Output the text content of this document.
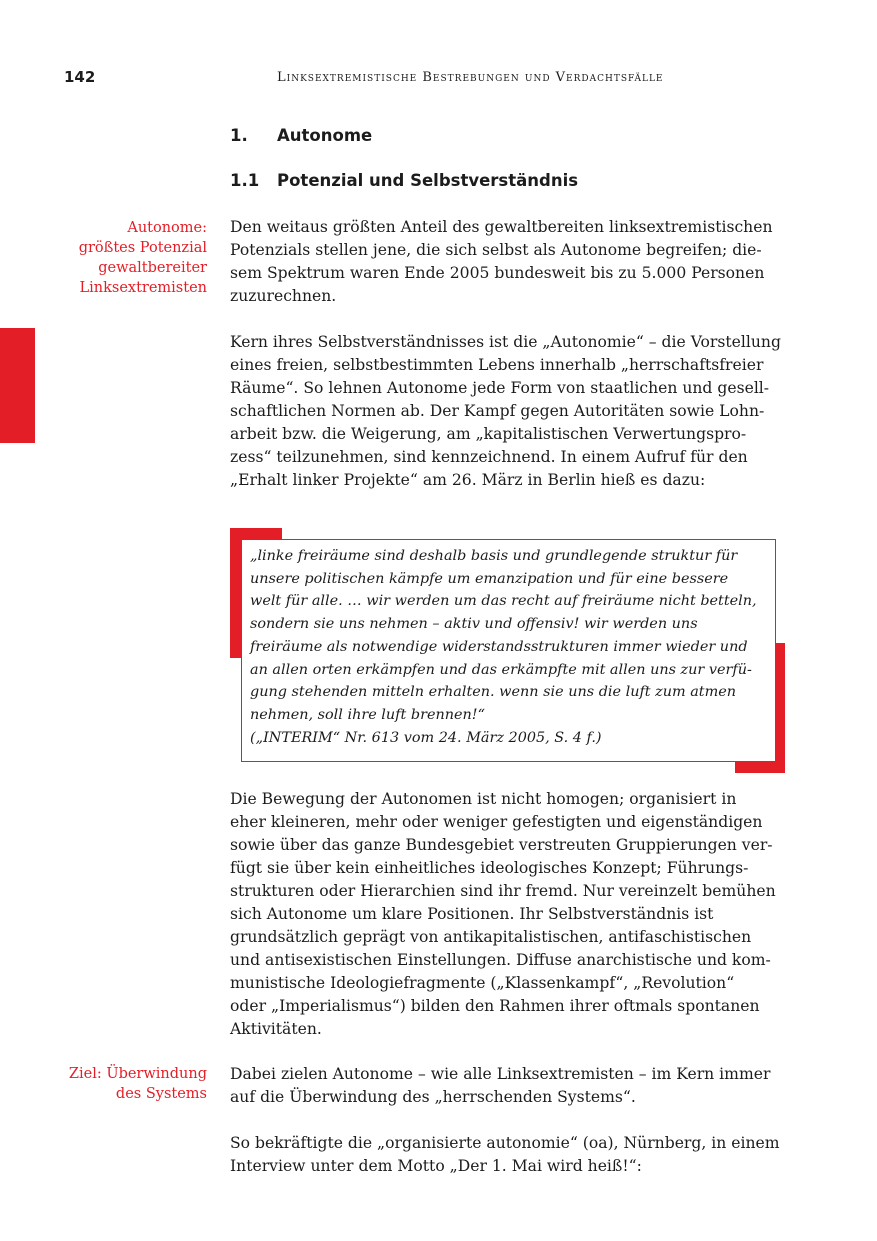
142	Linksextremistische Bestrebungen und Verdachtsfälle
1. Autonome
1.1 Potenzial und Selbstverständnis
Autonome:
größtes Potenzial
gewaltbereiter
Linksextremisten
Ziel: Überwindung
des Systems
Den weitaus größten Anteil des gewaltbereiten linksextremistischen
Potenzials stellen jene, die sich selbst als Autonome begreifen; die-
sem Spektrum waren Ende 2005 bundesweit bis zu 5.000 Personen
zuzurechnen.
Kern ihres Selbstverständnisses ist die „Autonomie“ – die Vorstellung
eines freien, selbstbestimmten Lebens innerhalb „herrschaftsfreier
Räume“. So lehnen Autonome jede Form von staatlichen und gesell-
schaftlichen Normen ab. Der Kampf gegen Autoritäten sowie Lohn-
arbeit bzw. die Weigerung, am „kapitalistischen Verwertungspro-
zess“ teilzunehmen, sind kennzeichnend. In einem Aufruf für den
„Erhalt linker Projekte“ am 26. März in Berlin hieß es dazu:
„linke freiräume sind deshalb basis und grundlegende struktur für
unsere politischen kämpfe um emanzipation und für eine bessere
welt für alle. … wir werden um das recht auf freiräume nicht betteln,
sondern sie uns nehmen – aktiv und offensiv! wir werden uns
freiräume als notwendige widerstandsstrukturen immer wieder und
an allen orten erkämpfen und das erkämpfte mit allen uns zur verfü-
gung stehenden mitteln erhalten. wenn sie uns die luft zum atmen
nehmen, soll ihre luft brennen!“
(„INTERIM“ Nr. 613 vom 24. März 2005, S. 4 f.)
Die Bewegung der Autonomen ist nicht homogen; organisiert in
eher kleineren, mehr oder weniger gefestigten und eigenständigen
sowie über das ganze Bundesgebiet verstreuten Gruppierungen ver-
fügt sie über kein einheitliches ideologisches Konzept; Führungs-
strukturen oder Hierarchien sind ihr fremd. Nur vereinzelt bemühen
sich Autonome um klare Positionen. Ihr Selbstverständnis ist
grundsätzlich geprägt von antikapitalistischen, antifaschistischen
und antisexistischen Einstellungen. Diffuse anarchistische und kom-
munistische Ideologiefragmente („Klassenkampf“, „Revolution“
oder „Imperialismus“) bilden den Rahmen ihrer oftmals spontanen
Aktivitäten.
Dabei zielen Autonome – wie alle Linksextremisten – im Kern immer
auf die Überwindung des „herrschenden Systems“.
So bekräftigte die „organisierte autonomie“ (oa), Nürnberg, in einem
Interview unter dem Motto „Der 1. Mai wird heiß!“:
